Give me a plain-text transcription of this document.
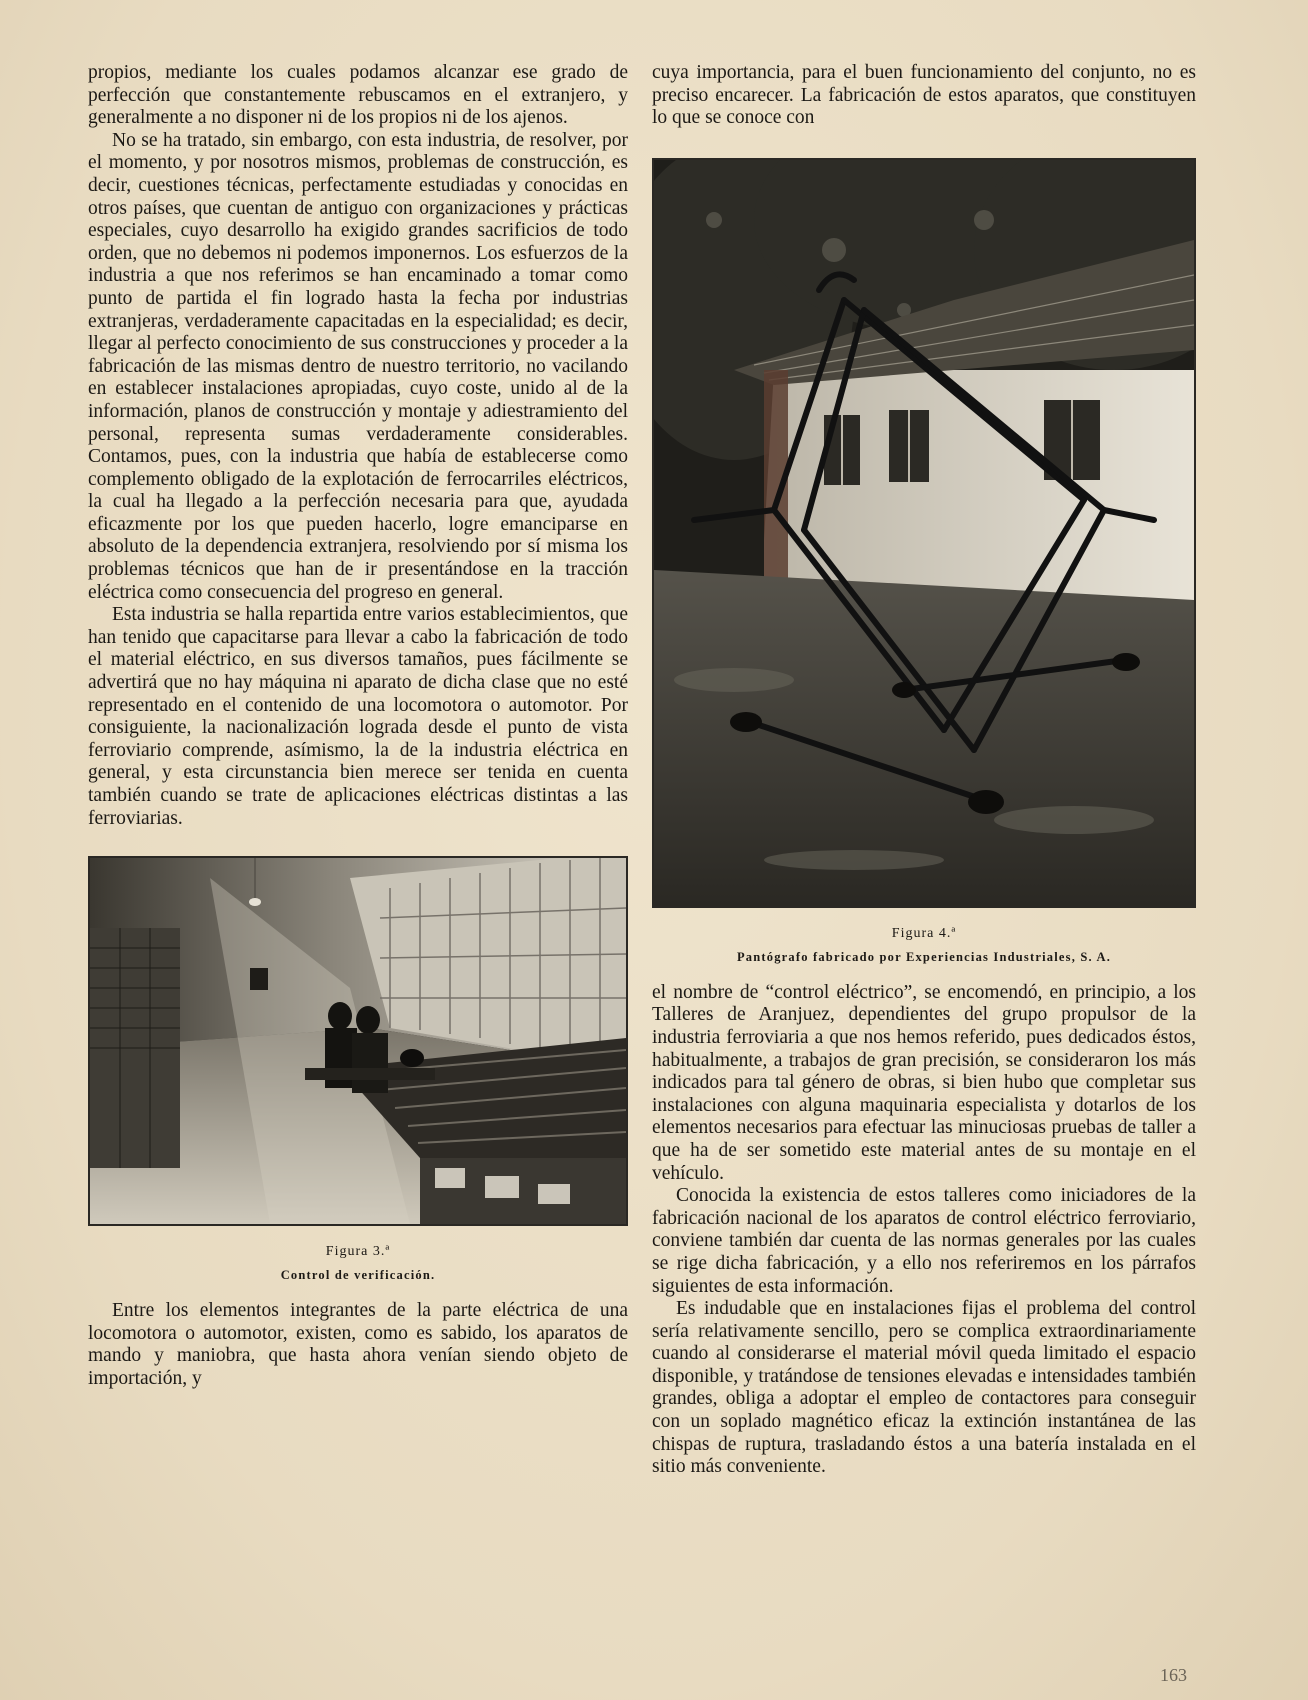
propios, mediante los cuales podamos alcanzar ese grado de perfección que constantemente rebuscamos en el extranjero, y generalmente a no disponer ni de los propios ni de los ajenos.

No se ha tratado, sin embargo, con esta industria, de resolver, por el momento, y por nosotros mismos, problemas de construcción, es decir, cuestiones técnicas, perfectamente estudiadas y conocidas en otros países, que cuentan de antiguo con organizaciones y prácticas especiales, cuyo desarrollo ha exigido grandes sacrificios de todo orden, que no debemos ni podemos imponernos. Los esfuerzos de la industria a que nos referimos se han encaminado a tomar como punto de partida el fin logrado hasta la fecha por industrias extranjeras, verdaderamente capacitadas en la especialidad; es decir, llegar al perfecto conocimiento de sus construcciones y proceder a la fabricación de las mismas dentro de nuestro territorio, no vacilando en establecer instalaciones apropiadas, cuyo coste, unido al de la información, planos de construcción y montaje y adiestramiento del personal, representa sumas verdaderamente considerables. Contamos, pues, con la industria que había de establecerse como complemento obligado de la explotación de ferrocarriles eléctricos, la cual ha llegado a la perfección necesaria para que, ayudada eficazmente por los que pueden hacerlo, logre emanciparse en absoluto de la dependencia extranjera, resolviendo por sí misma los problemas técnicos que han de ir presentándose en la tracción eléctrica como consecuencia del progreso en general.

Esta industria se halla repartida entre varios establecimientos, que han tenido que capacitarse para llevar a cabo la fabricación de todo el material eléctrico, en sus diversos tamaños, pues fácilmente se advertirá que no hay máquina ni aparato de dicha clase que no esté representado en el contenido de una locomotora o automotor. Por consiguiente, la nacionalización lograda desde el punto de vista ferroviario comprende, asímismo, la de la industria eléctrica en general, y esta circunstancia bien merece ser tenida en cuenta también cuando se trate de aplicaciones eléctricas distintas a las ferroviarias.

Figura 3.ª
Control de verificación.

Entre los elementos integrantes de la parte eléctrica de una locomotora o automotor, existen, como es sabido, los aparatos de mando y maniobra, que hasta ahora venían siendo objeto de importación, y

cuya importancia, para el buen funcionamiento del conjunto, no es preciso encarecer. La fabricación de estos aparatos, que constituyen lo que se conoce con

Figura 4.ª
Pantógrafo fabricado por Experiencias Industriales, S. A.

el nombre de “control eléctrico”, se encomendó, en principio, a los Talleres de Aranjuez, dependientes del grupo propulsor de la industria ferroviaria a que nos hemos referido, pues dedicados éstos, habitualmente, a trabajos de gran precisión, se consideraron los más indicados para tal género de obras, si bien hubo que completar sus instalaciones con alguna maquinaria especialista y dotarlos de los elementos necesarios para efectuar las minuciosas pruebas de taller a que ha de ser sometido este material antes de su montaje en el vehículo.

Conocida la existencia de estos talleres como iniciadores de la fabricación nacional de los aparatos de control eléctrico ferroviario, conviene también dar cuenta de las normas generales por las cuales se rige dicha fabricación, y a ello nos referiremos en los párrafos siguientes de esta información.

Es indudable que en instalaciones fijas el problema del control sería relativamente sencillo, pero se complica extraordinariamente cuando al considerarse el material móvil queda limitado el espacio disponible, y tratándose de tensiones elevadas e intensidades también grandes, obliga a adoptar el empleo de contactores para conseguir con un soplado magnético eficaz la extinción instantánea de las chispas de ruptura, trasladando éstos a una batería instalada en el sitio más conveniente.

163
